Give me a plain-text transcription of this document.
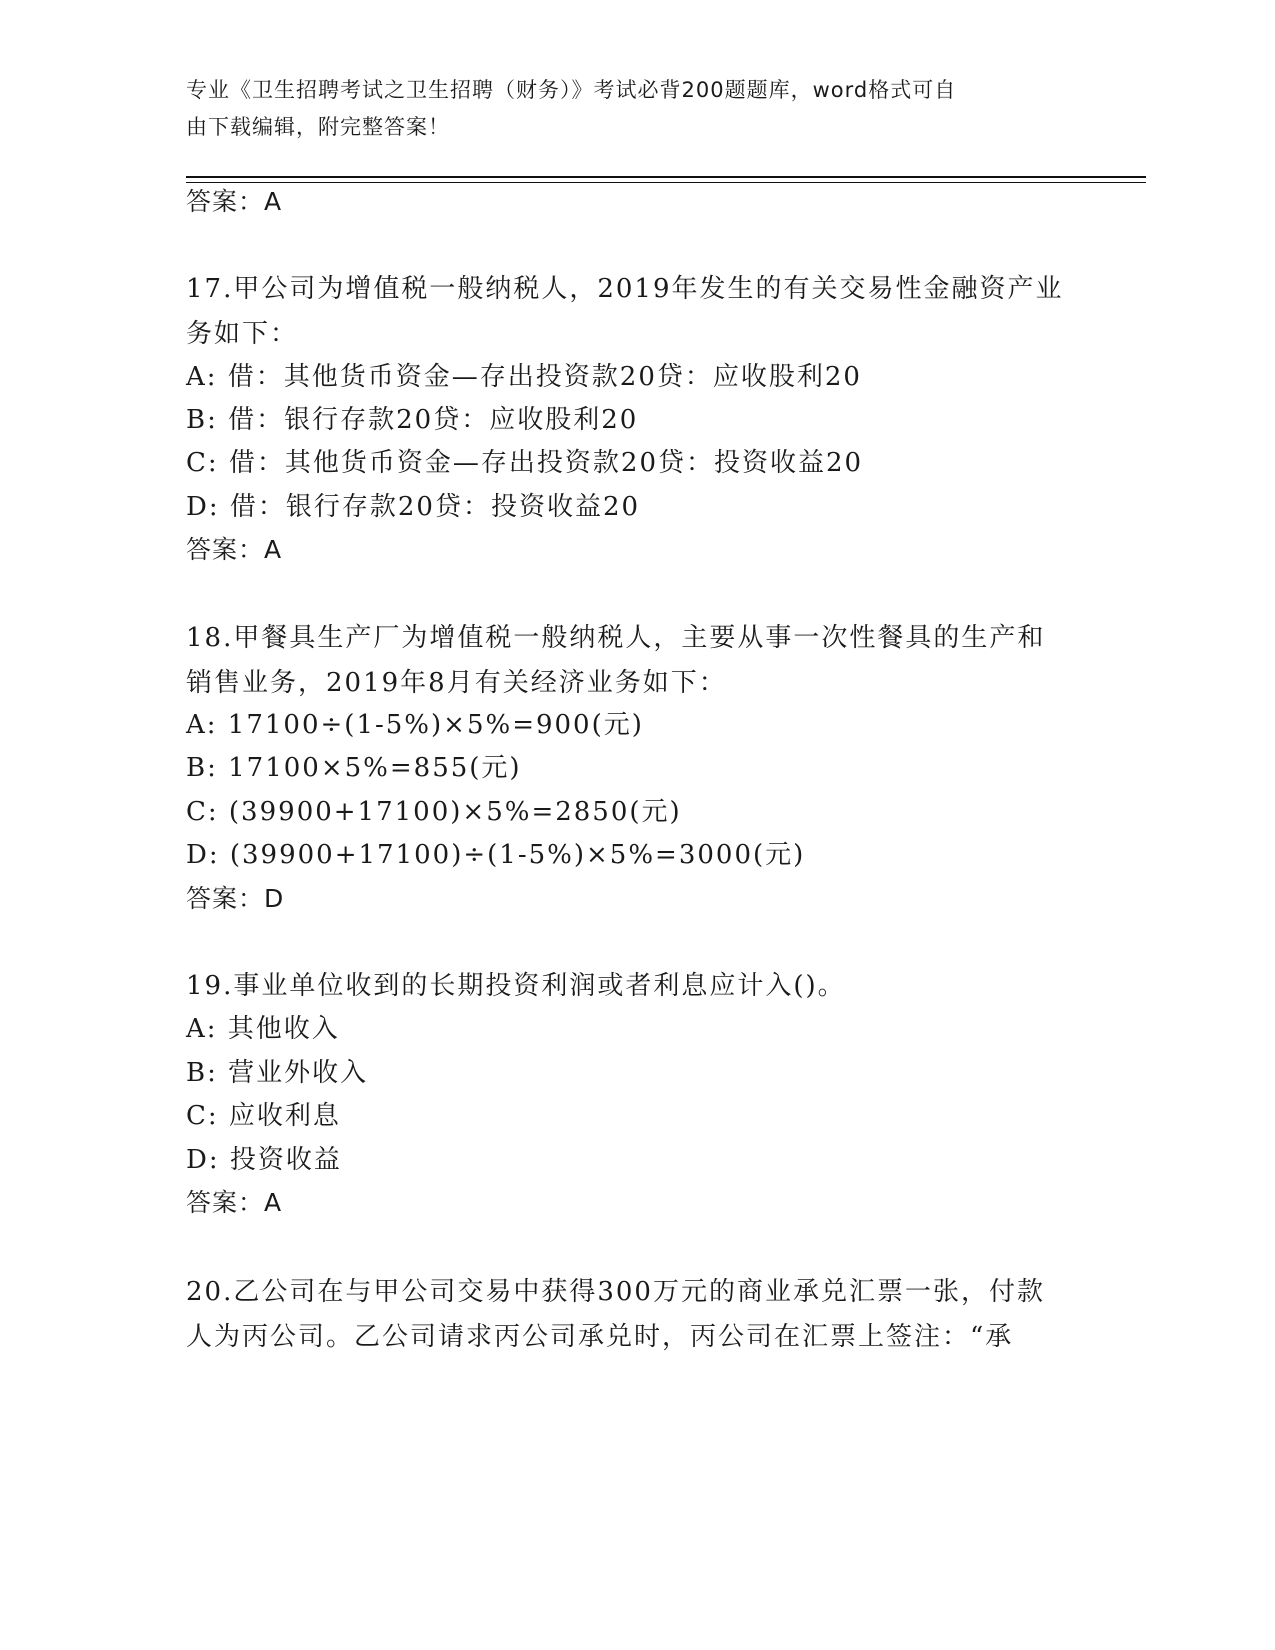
专业《卫生招聘考试之卫生招聘（财务）》考试必背200题题库，word格式可自
由下载编辑，附完整答案！
答案：A
17.甲公司为增值税一般纳税人，2019年发生的有关交易性金融资产业
务如下：
A: 借：其他货币资金—存出投资款20贷：应收股利20
B: 借：银行存款20贷：应收股利20
C: 借：其他货币资金—存出投资款20贷：投资收益20
D: 借：银行存款20贷：投资收益20
答案：A
18.甲餐具生产厂为增值税一般纳税人，主要从事一次性餐具的生产和
销售业务，2019年8月有关经济业务如下：
A: 17100÷(1-5%)×5%=900(元)
B: 17100×5%=855(元)
C: (39900+17100)×5%=2850(元)
D: (39900+17100)÷(1-5%)×5%=3000(元)
答案：D
19.事业单位收到的长期投资利润或者利息应计入()。
A: 其他收入
B: 营业外收入
C: 应收利息
D: 投资收益
答案：A
20.乙公司在与甲公司交易中获得300万元的商业承兑汇票一张，付款
人为丙公司。乙公司请求丙公司承兑时，丙公司在汇票上签注：“承
